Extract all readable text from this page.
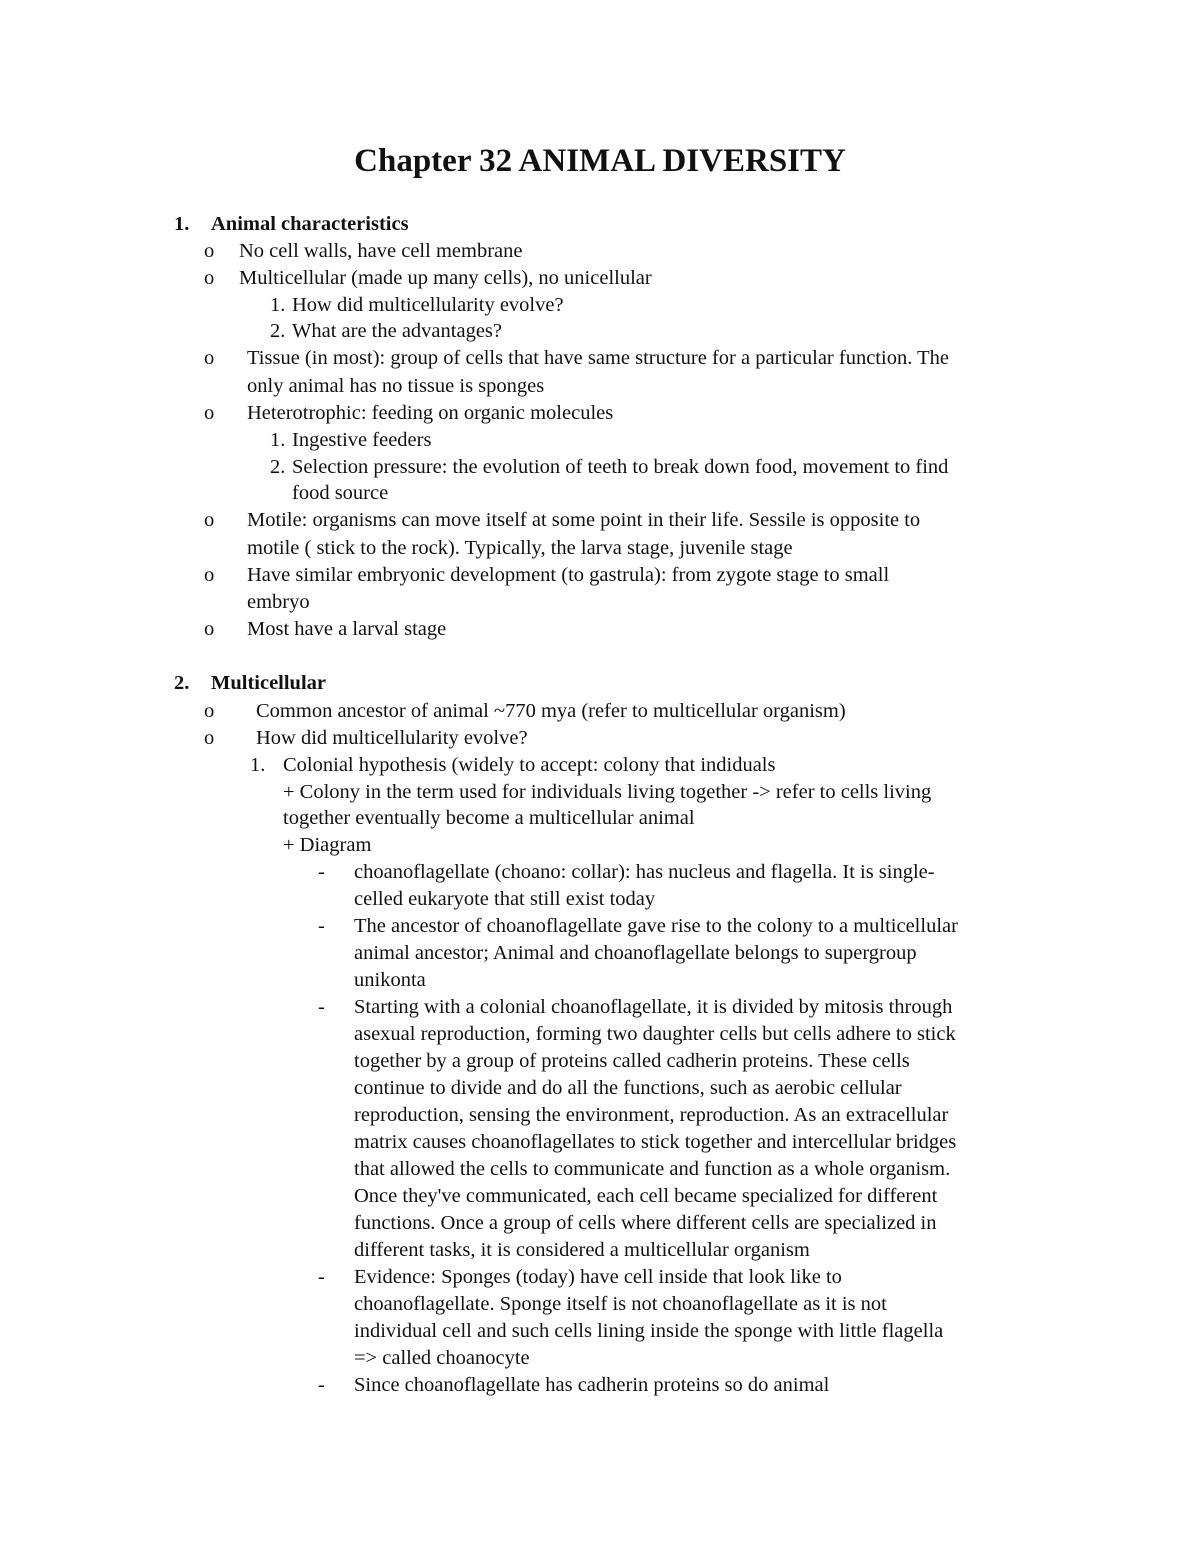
Chapter 32 ANIMAL DIVERSITY
1. Animal characteristics
o No cell walls, have cell membrane
o Multicellular (made up many cells), no unicellular
1. How did multicellularity evolve?
2. What are the advantages?
o Tissue (in most): group of cells that have same structure for a particular function. The
only animal has no tissue is sponges
o Heterotrophic: feeding on organic molecules
1. Ingestive feeders
2. Selection pressure: the evolution of teeth to break down food, movement to find
food source
o Motile: organisms can move itself at some point in their life. Sessile is opposite to
motile ( stick to the rock). Typically, the larva stage, juvenile stage
o Have similar embryonic development (to gastrula): from zygote stage to small
embryo
o Most have a larval stage
2. Multicellular
o Common ancestor of animal ~770 mya (refer to multicellular organism)
o How did multicellularity evolve?
1. Colonial hypothesis (widely to accept: colony that indiduals
+ Colony in the term used for individuals living together -> refer to cells living
together eventually become a multicellular animal
+ Diagram
- choanoflagellate (choano: collar): has nucleus and flagella. It is single-
celled eukaryote that still exist today
- The ancestor of choanoflagellate gave rise to the colony to a multicellular
animal ancestor; Animal and choanoflagellate belongs to supergroup
unikonta
- Starting with a colonial choanoflagellate, it is divided by mitosis through
asexual reproduction, forming two daughter cells but cells adhere to stick
together by a group of proteins called cadherin proteins. These cells
continue to divide and do all the functions, such as aerobic cellular
reproduction, sensing the environment, reproduction. As an extracellular
matrix causes choanoflagellates to stick together and intercellular bridges
that allowed the cells to communicate and function as a whole organism.
Once they've communicated, each cell became specialized for different
functions. Once a group of cells where different cells are specialized in
different tasks, it is considered a multicellular organism
- Evidence: Sponges (today) have cell inside that look like to
choanoflagellate. Sponge itself is not choanoflagellate as it is not
individual cell and such cells lining inside the sponge with little flagella
=> called choanocyte
- Since choanoflagellate has cadherin proteins so do animal
